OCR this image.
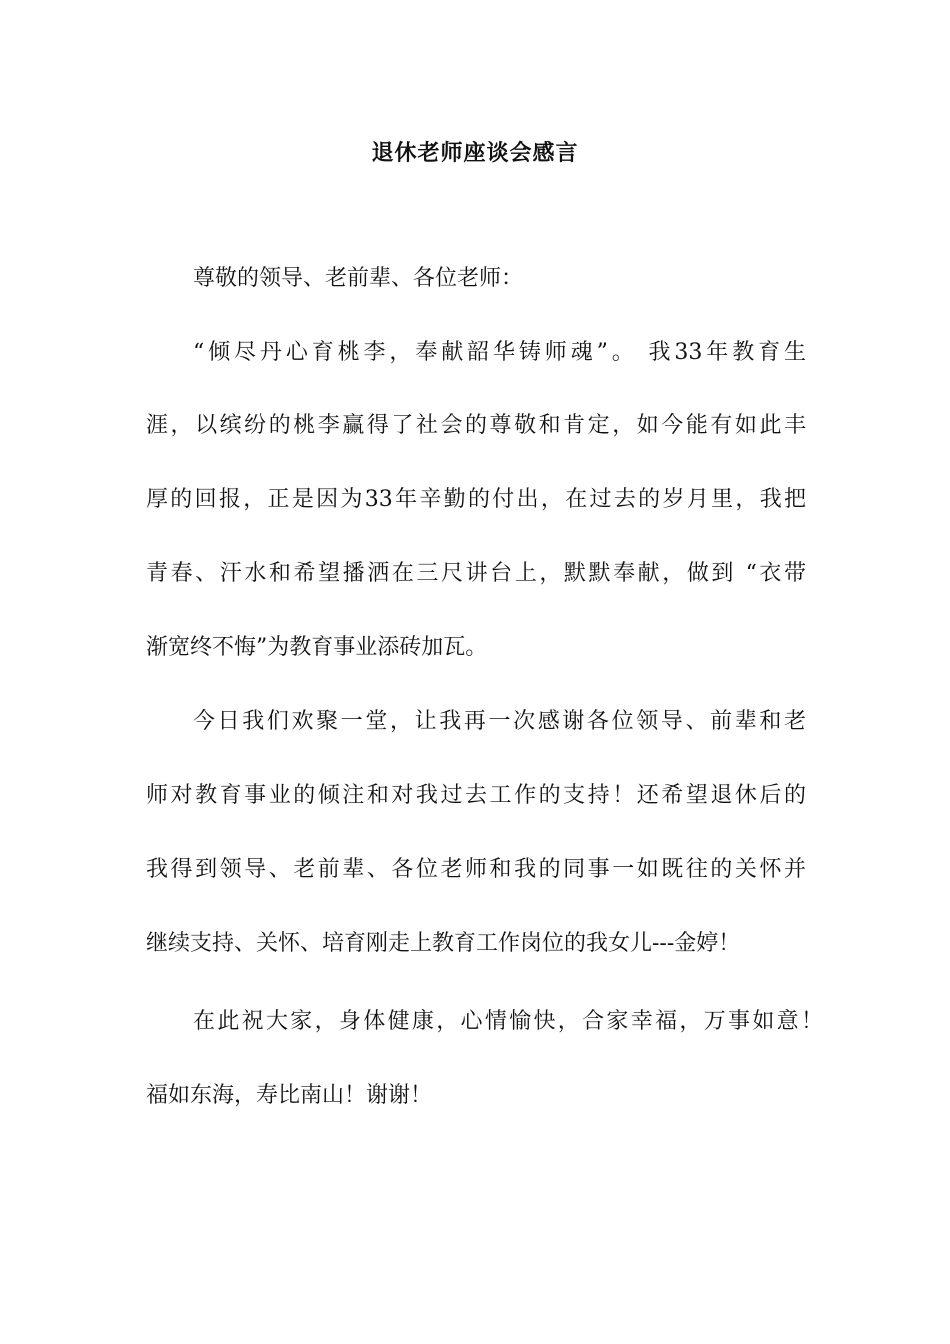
退休老师座谈会感言
尊敬的领导、老前辈、各位老师：
“倾尽丹心育桃李，奉献韶华铸师魂”。 我33年教育生
涯，以缤纷的桃李赢得了社会的尊敬和肯定，如今能有如此丰
厚的回报，正是因为33年辛勤的付出，在过去的岁月里，我把
青春、汗水和希望播洒在三尺讲台上，默默奉献，做到 “衣带
渐宽终不悔”为教育事业添砖加瓦。
今日我们欢聚一堂，让我再一次感谢各位领导、前辈和老
师对教育事业的倾注和对我过去工作的支持！还希望退休后的
我得到领导、老前辈、各位老师和我的同事一如既往的关怀并
继续支持、关怀、培育刚走上教育工作岗位的我女儿---金婷！
在此祝大家，身体健康，心情愉快，合家幸福，万事如意！
福如东海，寿比南山！谢谢！
